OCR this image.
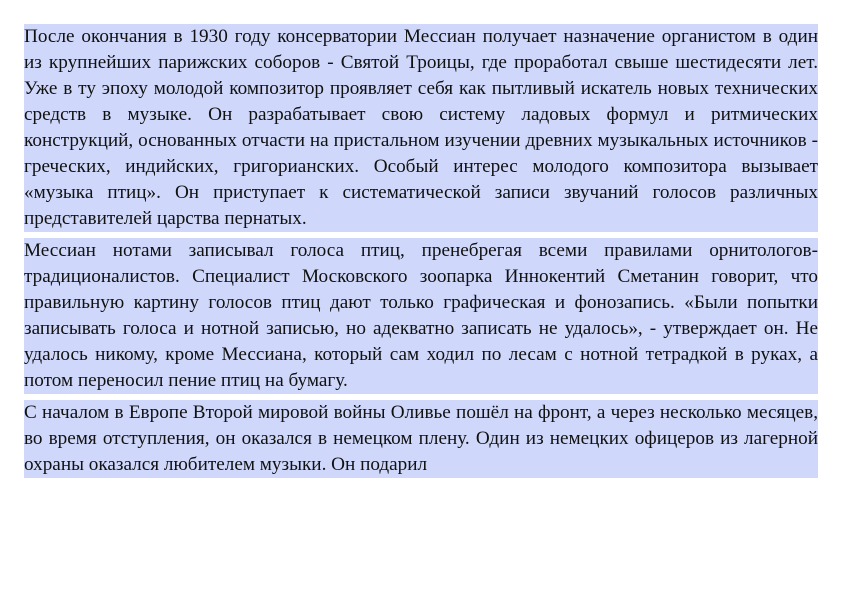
После окончания в 1930 году консерватории Мессиан получает назначение органистом в один из крупнейших парижских соборов - Святой Троицы, где проработал свыше шестидесяти лет. Уже в ту эпоху молодой композитор проявляет себя как пытливый искатель новых технических средств в музыке. Он разрабатывает свою систему ладовых формул и ритмических конструкций, основанных отчасти на пристальном изучении древних музыкальных источников - греческих, индийских, григорианских. Особый интерес молодого композитора вызывает «музыка птиц». Он приступает к систематической записи звучаний голосов различных представителей царства пернатых.

Мессиан нотами записывал голоса птиц, пренебрегая всеми правилами орнитологов-традиционалистов. Специалист Московского зоопарка Иннокентий Сметанин говорит, что правильную картину голосов птиц дают только графическая и фонозапись. «Были попытки записывать голоса и нотной записью, но адекватно записать не удалось», - утверждает он. Не удалось никому, кроме Мессиана, который сам ходил по лесам с нотной тетрадкой в руках, а потом переносил пение птиц на бумагу.

С началом в Европе Второй мировой войны Оливье пошёл на фронт, а через несколько месяцев, во время отступления, он оказался в немецком плену. Один из немецких офицеров из лагерной охраны оказался любителем музыки. Он подарил
